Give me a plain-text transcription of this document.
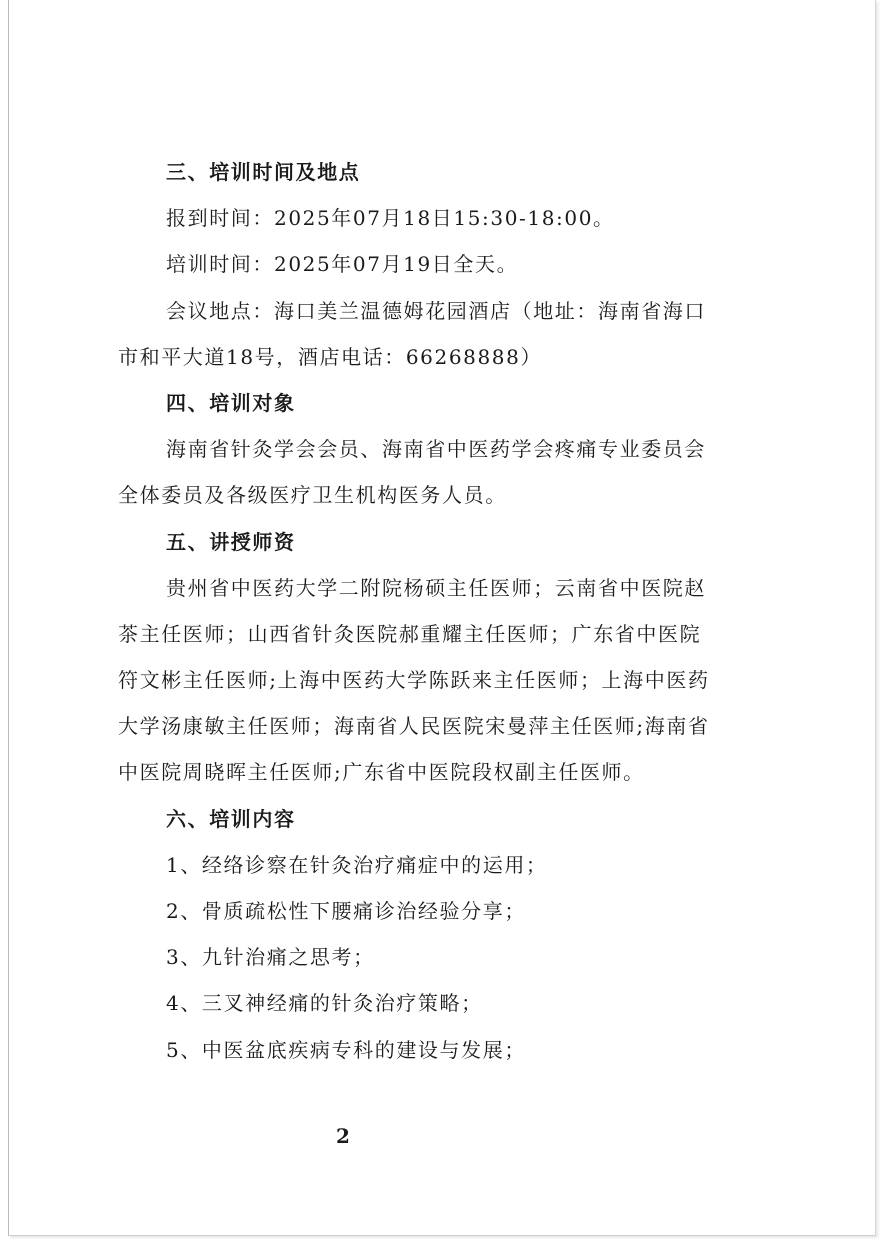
三、培训时间及地点
报到时间：2025年07月18日15:30-18:00。
培训时间：2025年07月19日全天。
会议地点：海口美兰温德姆花园酒店（地址：海南省海口
市和平大道18号，酒店电话：66268888）
四、培训对象
海南省针灸学会会员、海南省中医药学会疼痛专业委员会
全体委员及各级医疗卫生机构医务人员。
五、讲授师资
贵州省中医药大学二附院杨硕主任医师；云南省中医院赵
茶主任医师；山西省针灸医院郝重耀主任医师；广东省中医院
符文彬主任医师;上海中医药大学陈跃来主任医师；上海中医药
大学汤康敏主任医师；海南省人民医院宋曼萍主任医师;海南省
中医院周晓晖主任医师;广东省中医院段权副主任医师。
六、培训内容
1、经络诊察在针灸治疗痛症中的运用；
2、骨质疏松性下腰痛诊治经验分享；
3、九针治痛之思考；
4、三叉神经痛的针灸治疗策略；
5、中医盆底疾病专科的建设与发展；
2
